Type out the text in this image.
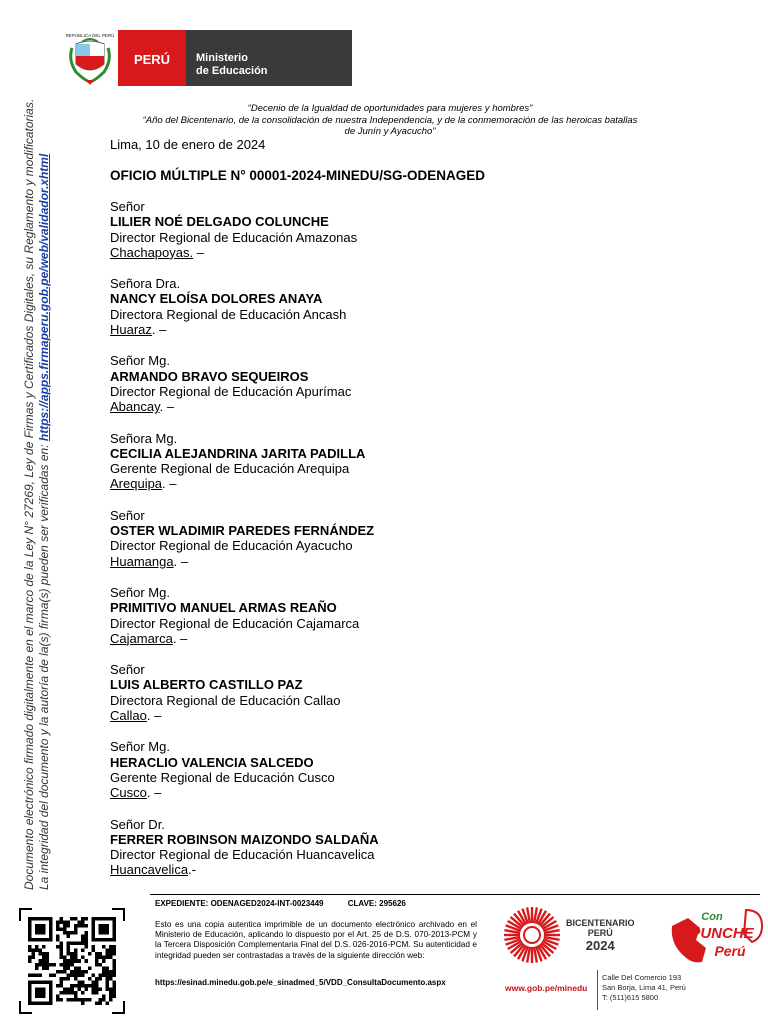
REPÚBLICA DEL PERÚ
PERÚ	Ministerio
de Educación
“Decenio de la Igualdad de oportunidades para mujeres y hombres”
“Año del Bicentenario, de la consolidación de nuestra Independencia, y de la conmemoración de las heroicas batallas
de Junín y Ayacucho”
Lima, 10 de enero de 2024
OFICIO MÚLTIPLE N° 00001-2024-MINEDU/SG-ODENAGED
Señor
LILIER NOÉ DELGADO COLUNCHE
Director Regional de Educación Amazonas
Chachapoyas. –
Señora Dra.
NANCY ELOÍSA DOLORES ANAYA
Directora Regional de Educación Ancash
Huaraz. –
Señor Mg.
ARMANDO BRAVO SEQUEIROS
Director Regional de Educación Apurímac
Abancay. –
Señora Mg.
CECILIA ALEJANDRINA JARITA PADILLA
Gerente Regional de Educación Arequipa
Arequipa. –
Señor
OSTER WLADIMIR PAREDES FERNÁNDEZ
Director Regional de Educación Ayacucho
Huamanga. –
Señor Mg.
PRIMITIVO MANUEL ARMAS REAÑO
Director Regional de Educación Cajamarca
Cajamarca. –
Señor
LUIS ALBERTO CASTILLO PAZ
Directora Regional de Educación Callao
Callao. –
Señor Mg.
HERACLIO VALENCIA SALCEDO
Gerente Regional de Educación Cusco
Cusco. –
Señor Dr.
FERRER ROBINSON MAIZONDO SALDAÑA
Director Regional de Educación Huancavelica
Huancavelica.-
Documento electrónico firmado digitalmente en el marco de la Ley N° 27269, Ley de Firmas y Certificados Digitales, su Reglamento y modificatorias. La integridad del documento y la autoría de la(s) firma(s) pueden ser verificadas en: https://apps.firmaperu.gob.pe/web/validador.xhtml
EXPEDIENTE: ODENAGED2024-INT-0023449	CLAVE: 295626
Esto es una copia autentica imprimible de un documento electrónico archivado en el Ministerio de Educación, aplicando lo dispuesto por el Art. 25 de D.S. 070-2013-PCM y la Tercera Disposición Complementaria Final del D.S. 026-2016-PCM. Su autenticidad e integridad pueden ser contrastadas a través de la siguiente dirección web:
https://esinad.minedu.gob.pe/e_sinadmed_5/VDD_ConsultaDocumento.aspx
BICENTENARIO
PERÚ
2024
Con
PUNCHE
Perú
www.gob.pe/minedu
Calle Del Comercio 193
San Borja, Lima 41, Perú
T: (511)615 5800
